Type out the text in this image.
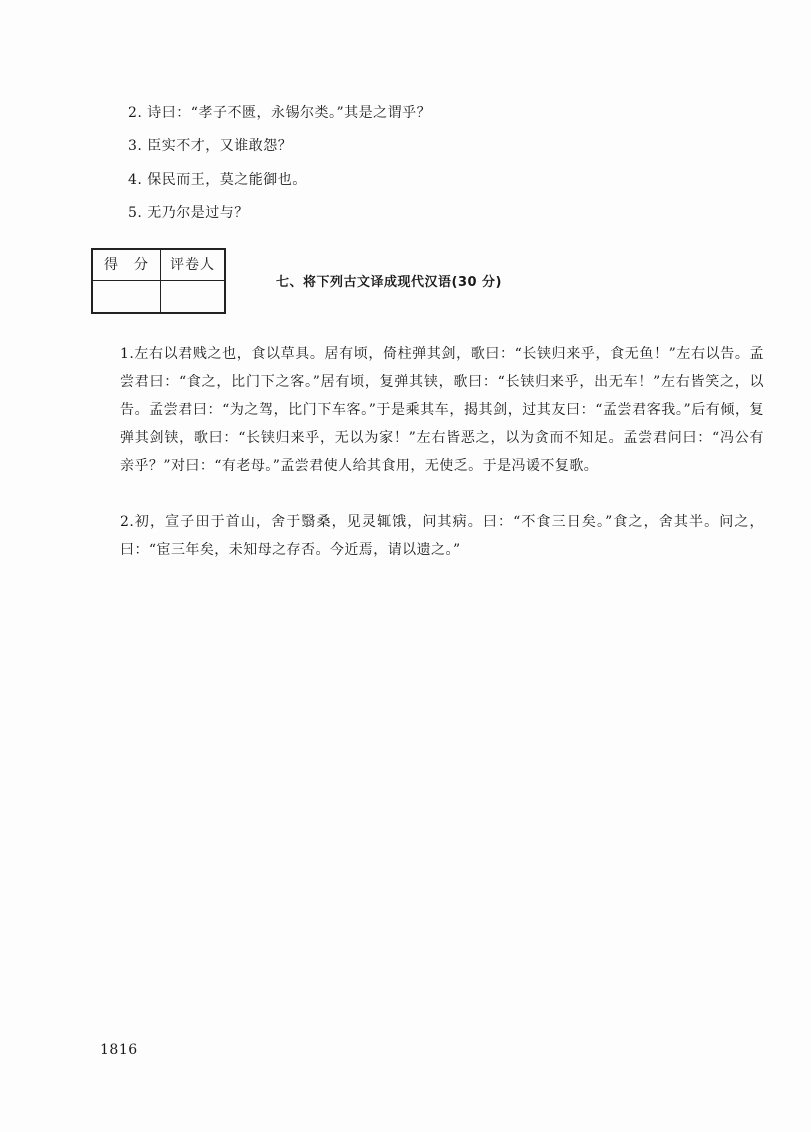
2. 诗曰：“孝子不匮，永锡尔类。”其是之谓乎？
3. 臣实不才，又谁敢怨？
4. 保民而王，莫之能御也。
5. 无乃尔是过与？
得　分	评卷人
七、将下列古文译成现代汉语(30 分)
1.左右以君贱之也，食以草具。居有顷，倚柱弹其剑，歌曰：“长铗归来乎，食无鱼！”左右以告。孟尝君曰：“食之，比门下之客。”居有顷，复弹其铗，歌曰：“长铗归来乎，出无车！”左右皆笑之，以告。孟尝君曰：“为之驾，比门下车客。”于是乘其车，揭其剑，过其友曰：“孟尝君客我。”后有倾，复弹其剑铗，歌曰：“长铗归来乎，无以为家！”左右皆恶之，以为贪而不知足。孟尝君问曰：“冯公有亲乎？”对曰：“有老母。”孟尝君使人给其食用，无使乏。于是冯谖不复歌。
2.初，宣子田于首山，舍于翳桑，见灵辄饿，问其病。曰：“不食三日矣。”食之，舍其半。问之，曰：“宦三年矣，未知母之存否。今近焉，请以遗之。”
1816
